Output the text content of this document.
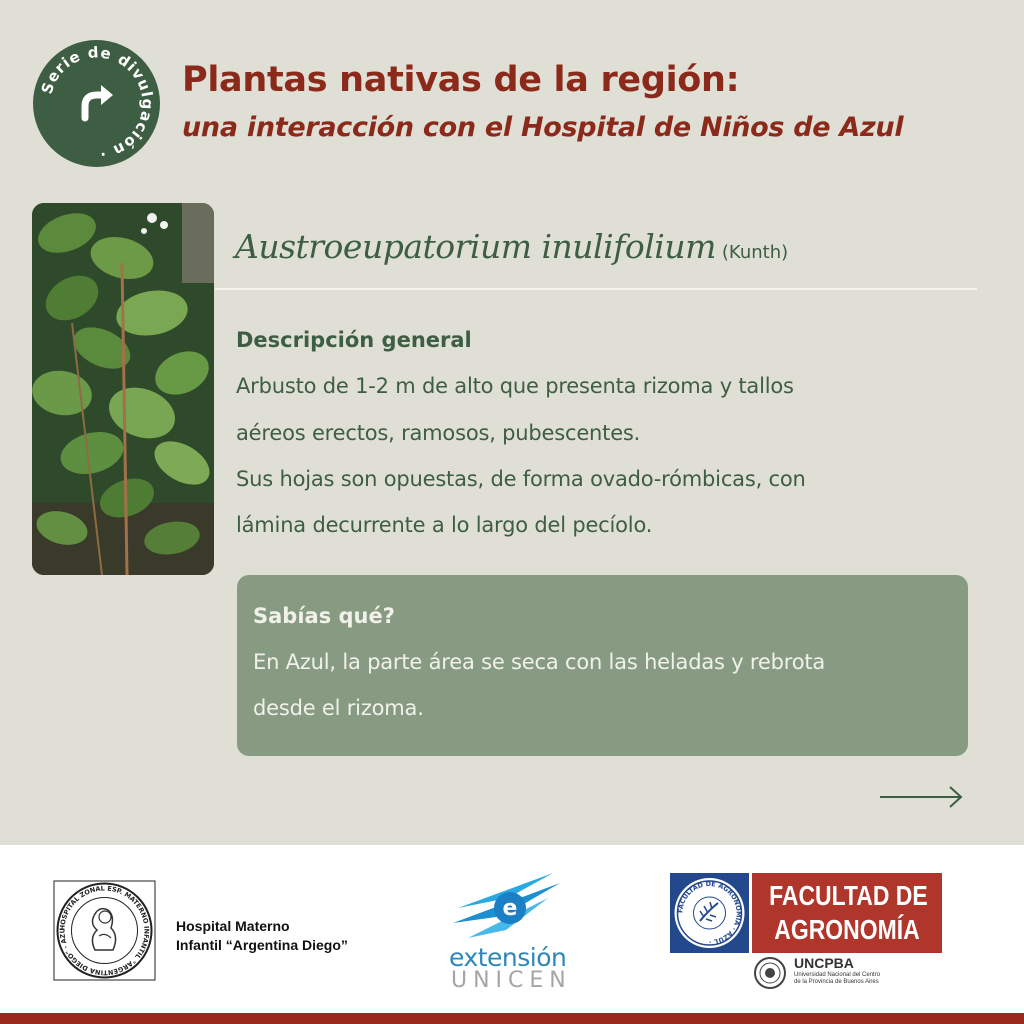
Serie de divulgación ·
Plantas nativas de la región:
una interacción con el Hospital de Niños de Azul
Austroeupatorium inulifolium (Kunth)
Descripción general
Arbusto de 1-2 m de alto que presenta rizoma y tallos
aéreos erectos, ramosos, pubescentes.
Sus hojas son opuestas, de forma ovado-rómbicas, con
lámina decurrente a lo largo del pecíolo.
Sabías qué?
En Azul, la parte área se seca con las heladas y rebrota
desde el rizoma.
HOSPITAL ZONAL ESP. MATERNO INFANTIL "ARGENTINA DIEGO" · AZU	Hospital Materno
Infantil “Argentina Diego”
e
extensión
UNICEN
FACULTAD DE AGRONOMÍA · AZUL ·
FACULTAD DE
AGRONOMÍA
UNCPBA
Universidad Nacional del Centro
de la Provincia de Buenos Aires
